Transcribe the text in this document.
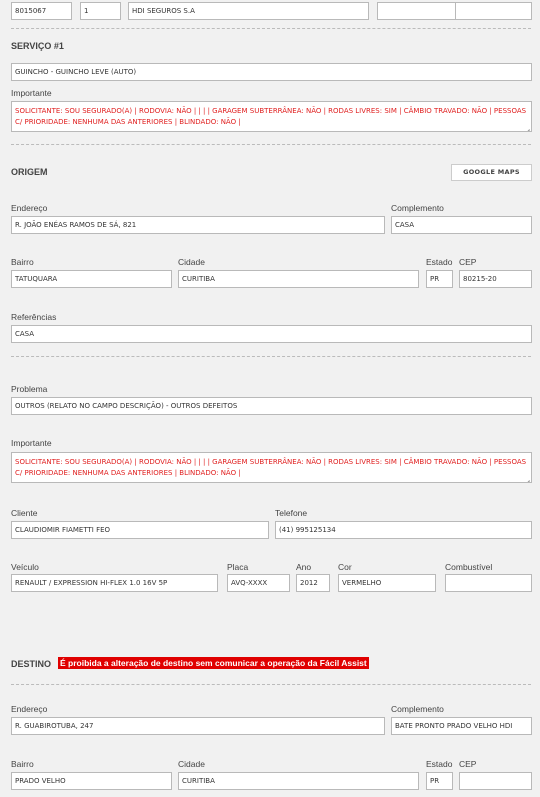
8015067	1	HDI SEGUROS S.A
SERVIÇO #1
GUINCHO - GUINCHO LEVE (AUTO)
Importante
SOLICITANTE: SOU SEGURADO(A) | RODOVIA: NÃO | | | | GARAGEM SUBTERRÂNEA: NÃO | RODAS LIVRES: SIM | CÂMBIO TRAVADO: NÃO | PESSOAS C/ PRIORIDADE: NENHUMA DAS ANTERIORES | BLINDADO: NÃO |
ORIGEM	GOOGLE MAPS
Endereço
R. JOÃO ENÉAS RAMOS DE SÁ, 821
Complemento
CASA
Bairro
TATUQUARA
Cidade
CURITIBA
Estado
PR
CEP
80215-20
Referências
CASA
Problema
OUTROS (RELATO NO CAMPO DESCRIÇÃO) - OUTROS DEFEITOS
Importante
SOLICITANTE: SOU SEGURADO(A) | RODOVIA: NÃO | | | | GARAGEM SUBTERRÂNEA: NÃO | RODAS LIVRES: SIM | CÂMBIO TRAVADO: NÃO | PESSOAS C/ PRIORIDADE: NENHUMA DAS ANTERIORES | BLINDADO: NÃO |
Cliente
CLAUDIOMIR FIAMETTI FEO
Telefone
(41) 995125134
Veículo
RENAULT / EXPRESSION HI-FLEX 1.0 16V 5P
Placa
AVQ-XXXX
Ano
2012
Cor
VERMELHO
Combustível
DESTINO É proibida a alteração de destino sem comunicar a operação da Fácil Assist
Endereço
R. GUABIROTUBA, 247
Complemento
BATE PRONTO PRADO VELHO HDI
Bairro
PRADO VELHO
Cidade
CURITIBA
Estado
PR
CEP
